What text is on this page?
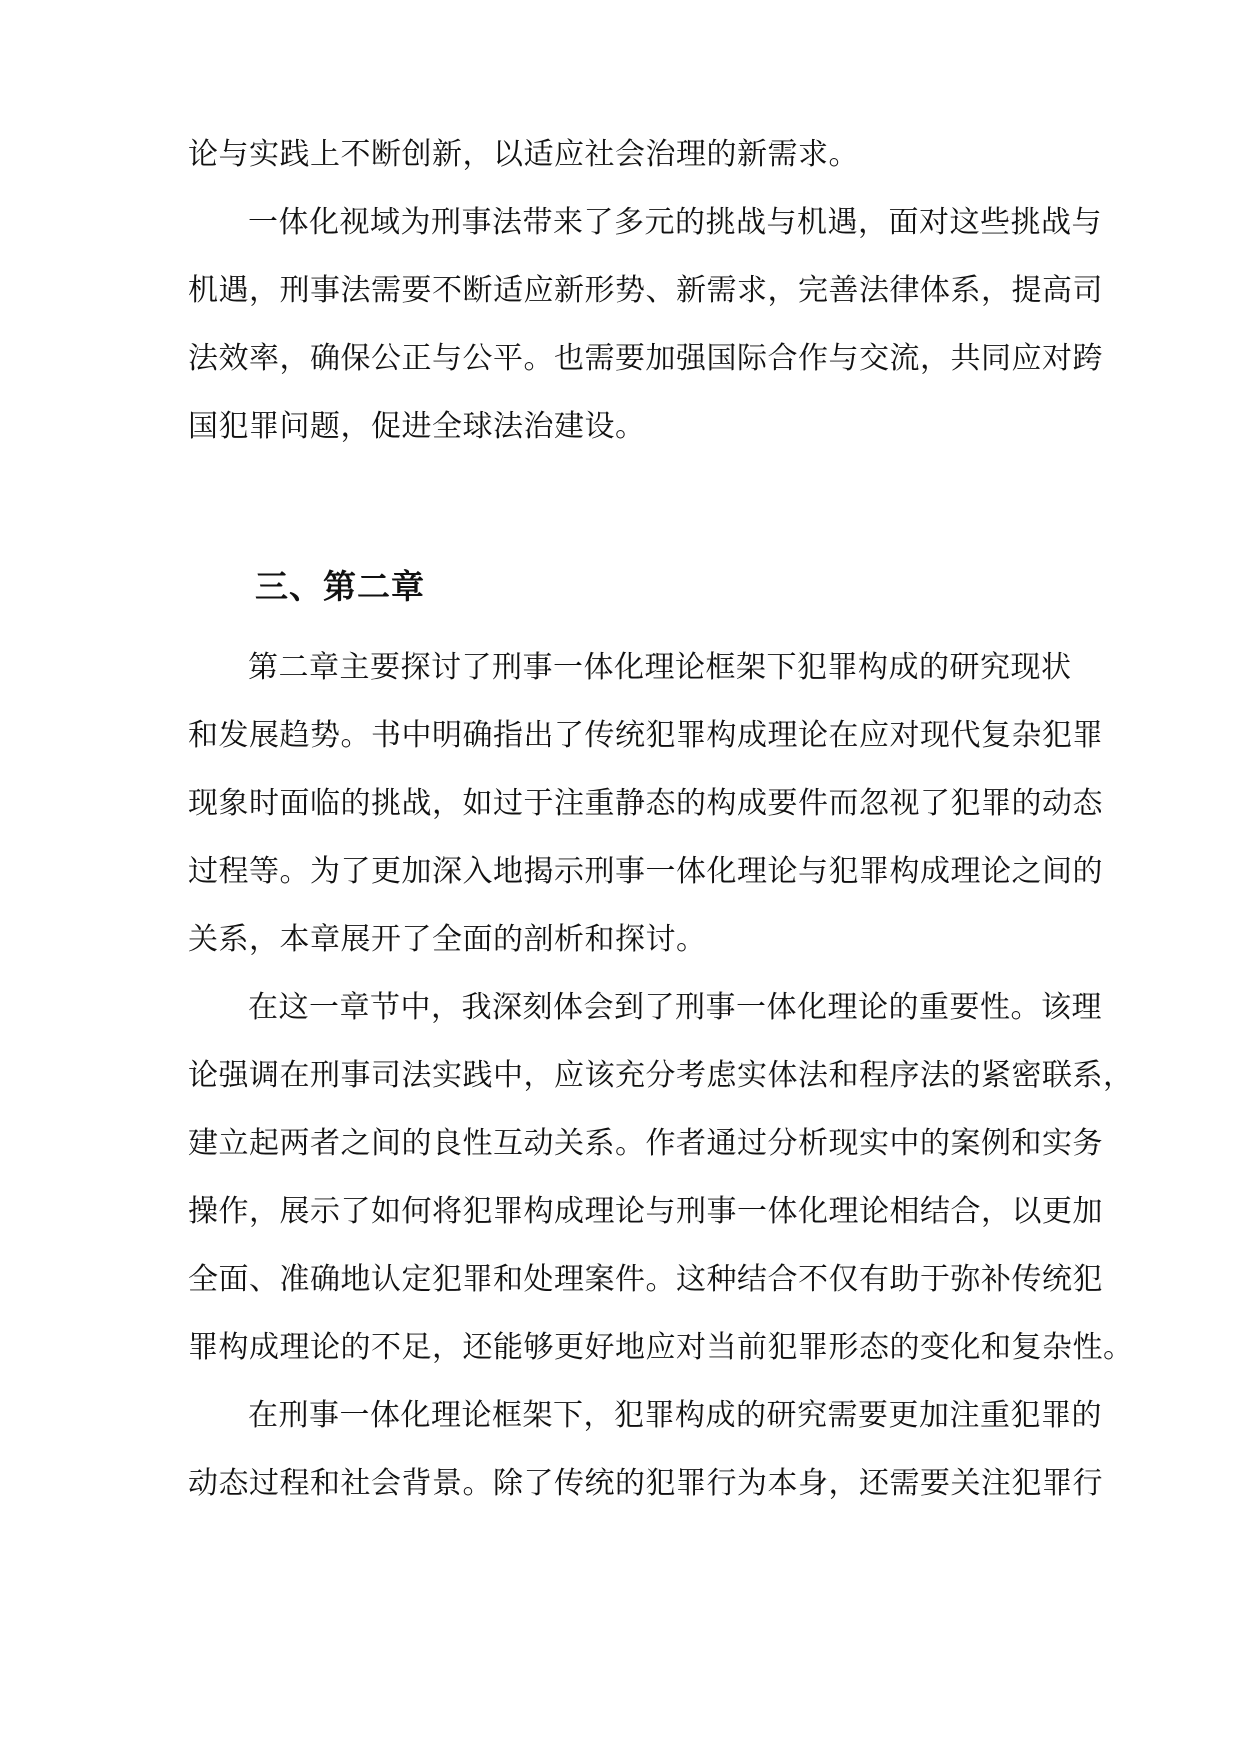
论与实践上不断创新，以适应社会治理的新需求。
一体化视域为刑事法带来了多元的挑战与机遇，面对这些挑战与
机遇，刑事法需要不断适应新形势、新需求，完善法律体系，提高司
法效率，确保公正与公平。也需要加强国际合作与交流，共同应对跨
国犯罪问题，促进全球法治建设。
三、第二章
第二章主要探讨了刑事一体化理论框架下犯罪构成的研究现状
和发展趋势。书中明确指出了传统犯罪构成理论在应对现代复杂犯罪
现象时面临的挑战，如过于注重静态的构成要件而忽视了犯罪的动态
过程等。为了更加深入地揭示刑事一体化理论与犯罪构成理论之间的
关系，本章展开了全面的剖析和探讨。
在这一章节中，我深刻体会到了刑事一体化理论的重要性。该理
论强调在刑事司法实践中，应该充分考虑实体法和程序法的紧密联系，
建立起两者之间的良性互动关系。作者通过分析现实中的案例和实务
操作，展示了如何将犯罪构成理论与刑事一体化理论相结合，以更加
全面、准确地认定犯罪和处理案件。这种结合不仅有助于弥补传统犯
罪构成理论的不足，还能够更好地应对当前犯罪形态的变化和复杂性。
在刑事一体化理论框架下，犯罪构成的研究需要更加注重犯罪的
动态过程和社会背景。除了传统的犯罪行为本身，还需要关注犯罪行
